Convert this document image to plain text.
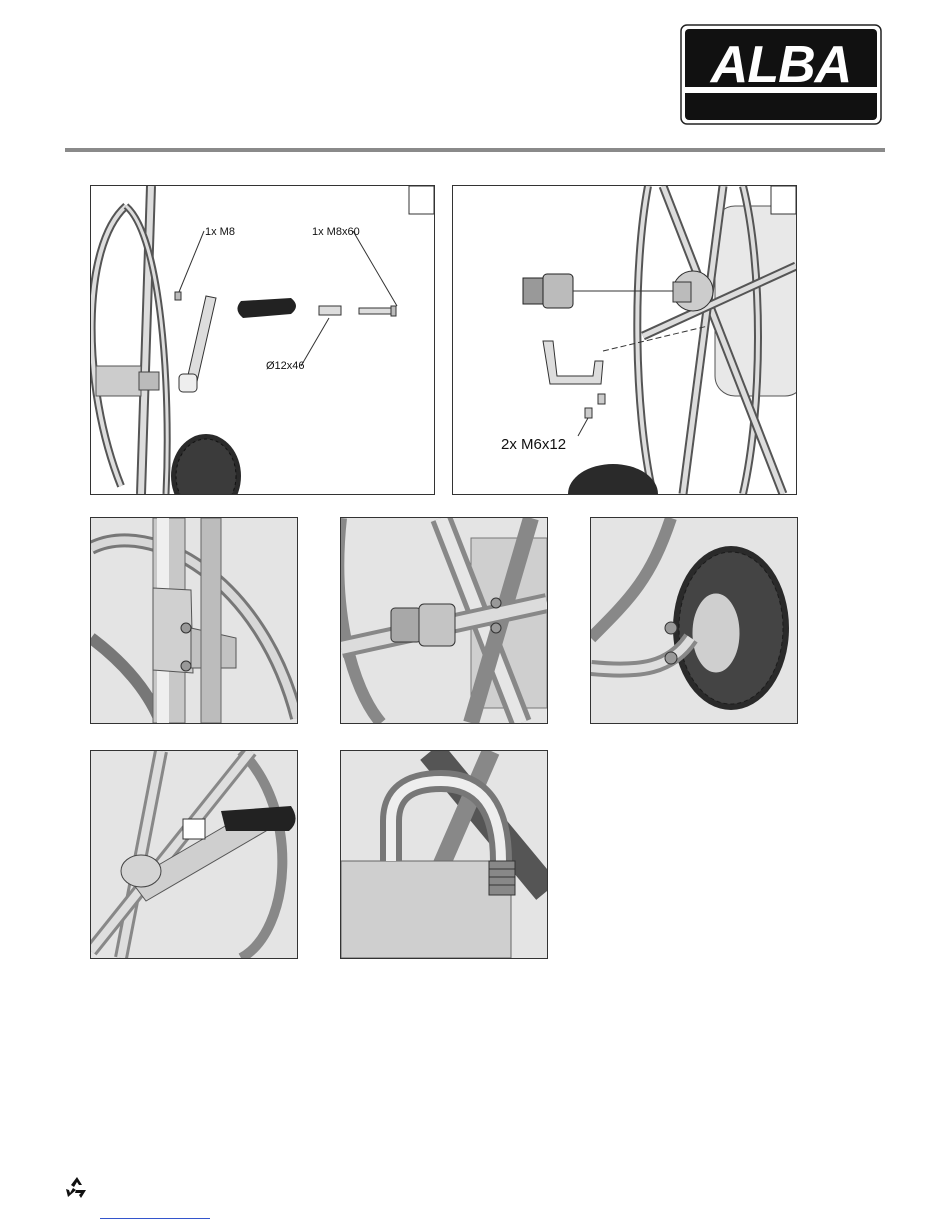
ALBA
1x M8	1x M8x60
Ø12x46
2x M6x12
